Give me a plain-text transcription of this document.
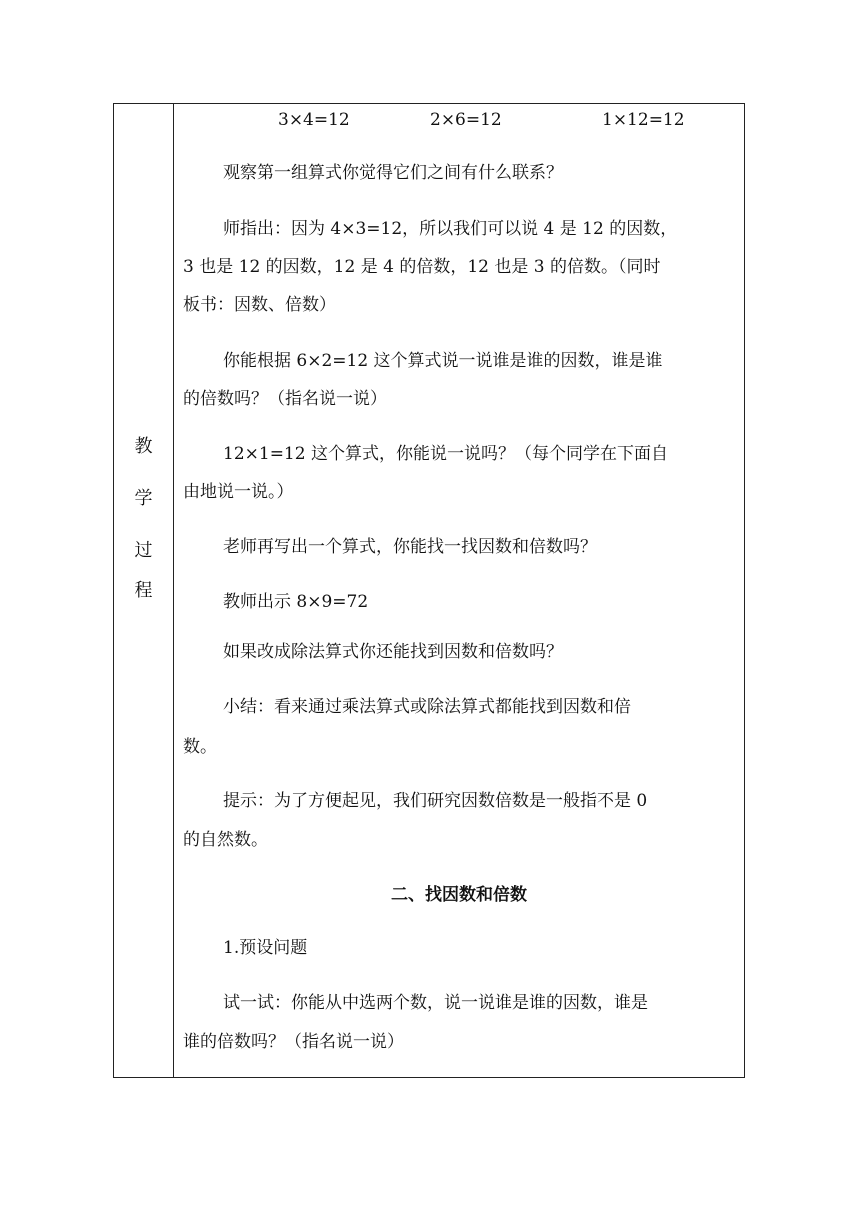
教
学
过
程
3×4=12	2×6=12	1×12=12
观察第一组算式你觉得它们之间有什么联系？
师指出：因为 4×3=12，所以我们可以说 4 是 12 的因数，
3 也是 12 的因数，12 是 4 的倍数，12 也是 3 的倍数。（同时
板书：因数、倍数）
你能根据 6×2=12 这个算式说一说谁是谁的因数，谁是谁
的倍数吗？（指名说一说）
12×1=12 这个算式，你能说一说吗？（每个同学在下面自
由地说一说。）
老师再写出一个算式，你能找一找因数和倍数吗？
教师出示 8×9=72
如果改成除法算式你还能找到因数和倍数吗？
小结：看来通过乘法算式或除法算式都能找到因数和倍
数。
提示：为了方便起见，我们研究因数倍数是一般指不是 0
的自然数。
二、找因数和倍数
1.预设问题
试一试：你能从中选两个数，说一说谁是谁的因数，谁是
谁的倍数吗？（指名说一说）
